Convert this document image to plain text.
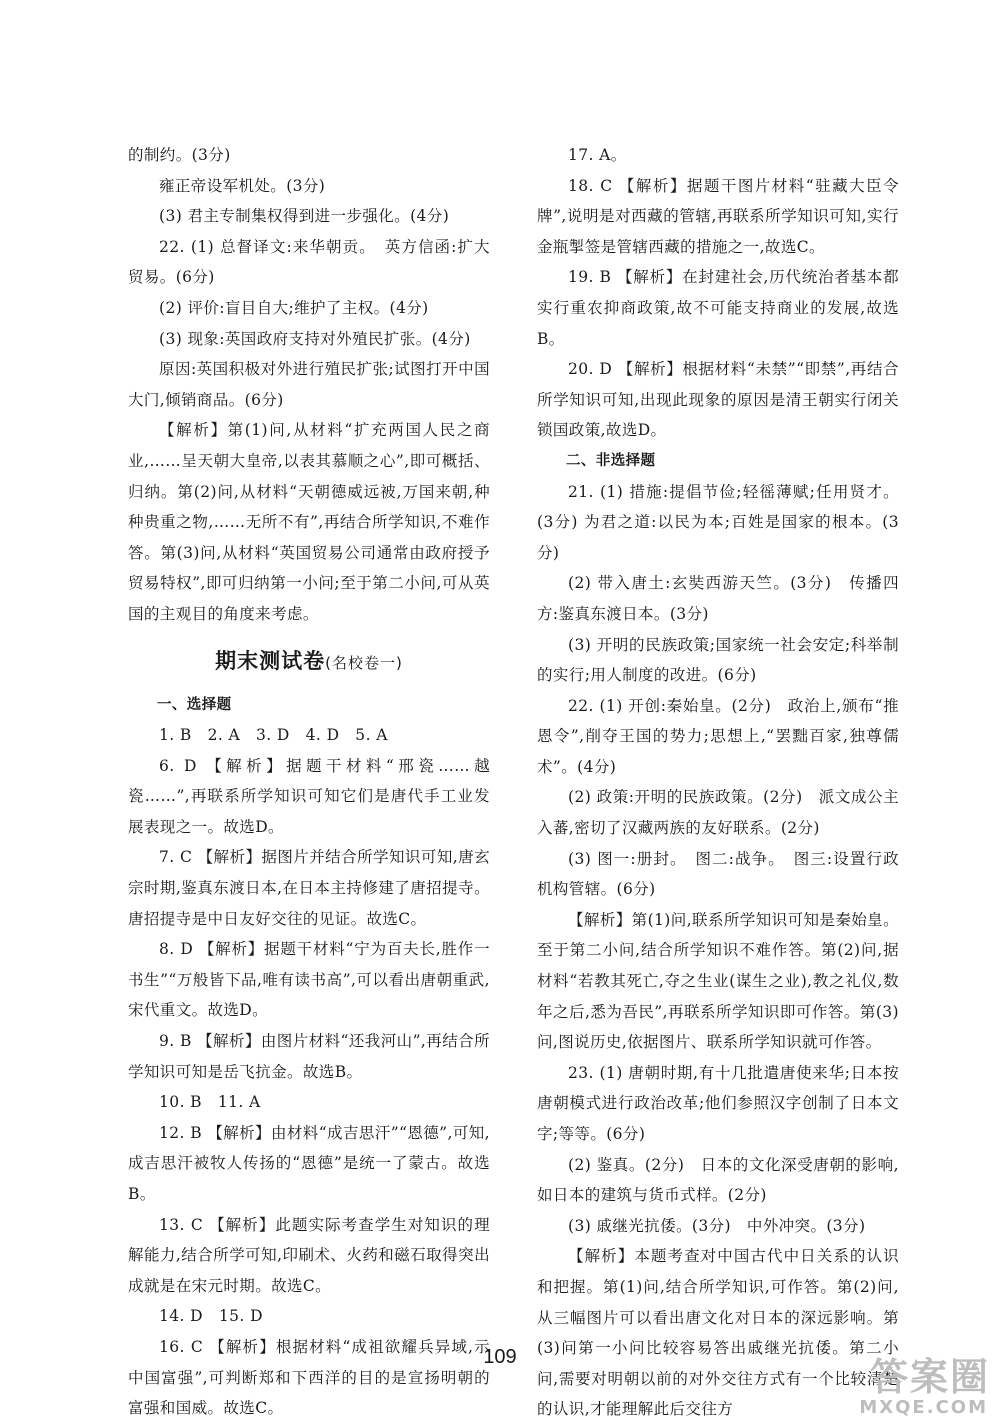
的制约。(3分)

雍正帝设军机处。(3分)

(3) 君主专制集权得到进一步强化。(4分)

22. (1) 总督译文:来华朝贡。　英方信函:扩大贸易。(6分)

(2) 评价:盲目自大;维护了主权。(4分)

(3) 现象:英国政府支持对外殖民扩张。(4分)

原因:英国积极对外进行殖民扩张;试图打开中国大门,倾销商品。(6分)

【解析】第(1)问,从材料“扩充两国人民之商业,……呈天朝大皇帝,以表其慕顺之心”,即可概括、归纳。第(2)问,从材料“天朝德威远被,万国来朝,种种贵重之物,……无所不有”,再结合所学知识,不难作答。第(3)问,从材料“英国贸易公司通常由政府授予贸易特权”,即可归纳第一小问;至于第二小问,可从英国的主观目的角度来考虑。

期末测试卷(名校卷一)

一、选择题

1. B　2. A　3. D　4. D　5. A

6. D 【解析】据题干材料“邢瓷……越瓷……”,再联系所学知识可知它们是唐代手工业发展表现之一。故选D。

7. C 【解析】据图片并结合所学知识可知,唐玄宗时期,鉴真东渡日本,在日本主持修建了唐招提寺。唐招提寺是中日友好交往的见证。故选C。

8. D 【解析】据题干材料“宁为百夫长,胜作一书生”“万般皆下品,唯有读书高”,可以看出唐朝重武,宋代重文。故选D。

9. B 【解析】由图片材料“还我河山”,再结合所学知识可知是岳飞抗金。故选B。

10. B　11. A

12. B 【解析】由材料“成吉思汗”“恩德”,可知,成吉思汗被牧人传扬的“恩德”是统一了蒙古。故选B。

13. C 【解析】此题实际考查学生对知识的理解能力,结合所学可知,印刷术、火药和磁石取得突出成就是在宋元时期。故选C。

14. D　15. D

16. C 【解析】根据材料“成祖欲耀兵异域,示中国富强”,可判断郑和下西洋的目的是宣扬明朝的富强和国威。故选C。

17. A。

18. C 【解析】据题干图片材料“驻藏大臣令牌”,说明是对西藏的管辖,再联系所学知识可知,实行金瓶掣签是管辖西藏的措施之一,故选C。

19. B 【解析】在封建社会,历代统治者基本都实行重农抑商政策,故不可能支持商业的发展,故选B。

20. D 【解析】根据材料“未禁”“即禁”,再结合所学知识可知,出现此现象的原因是清王朝实行闭关锁国政策,故选D。

二、非选择题

21. (1) 措施:提倡节俭;轻徭薄赋;任用贤才。(3分) 为君之道:以民为本;百姓是国家的根本。(3分)

(2) 带入唐土:玄奘西游天竺。(3分)　传播四方:鉴真东渡日本。(3分)

(3) 开明的民族政策;国家统一社会安定;科举制的实行;用人制度的改进。(6分)

22. (1) 开创:秦始皇。(2分)　政治上,颁布“推恩令”,削夺王国的势力;思想上,“罢黜百家,独尊儒术”。(4分)

(2) 政策:开明的民族政策。(2分)　派文成公主入蕃,密切了汉藏两族的友好联系。(2分)

(3) 图一:册封。　图二:战争。　图三:设置行政机构管辖。(6分)

【解析】第(1)问,联系所学知识可知是秦始皇。至于第二小问,结合所学知识不难作答。第(2)问,据材料“若教其死亡,夺之生业(谋生之业),教之礼仪,数年之后,悉为吾民”,再联系所学知识即可作答。第(3)问,图说历史,依据图片、联系所学知识就可作答。

23. (1) 唐朝时期,有十几批遣唐使来华;日本按唐朝模式进行政治改革;他们参照汉字创制了日本文字;等等。(6分)

(2) 鉴真。(2分)　日本的文化深受唐朝的影响,如日本的建筑与货币式样。(2分)

(3) 戚继光抗倭。(3分)　中外冲突。(3分)

【解析】本题考查对中国古代中日关系的认识和把握。第(1)问,结合所学知识,可作答。第(2)问,从三幅图片可以看出唐文化对日本的深远影响。第(3)问第一小问比较容易答出戚继光抗倭。第二小问,需要对明朝以前的对外交往方式有一个比较清楚的认识,才能理解此后交往方

109	答案圈
MXQE.COM
